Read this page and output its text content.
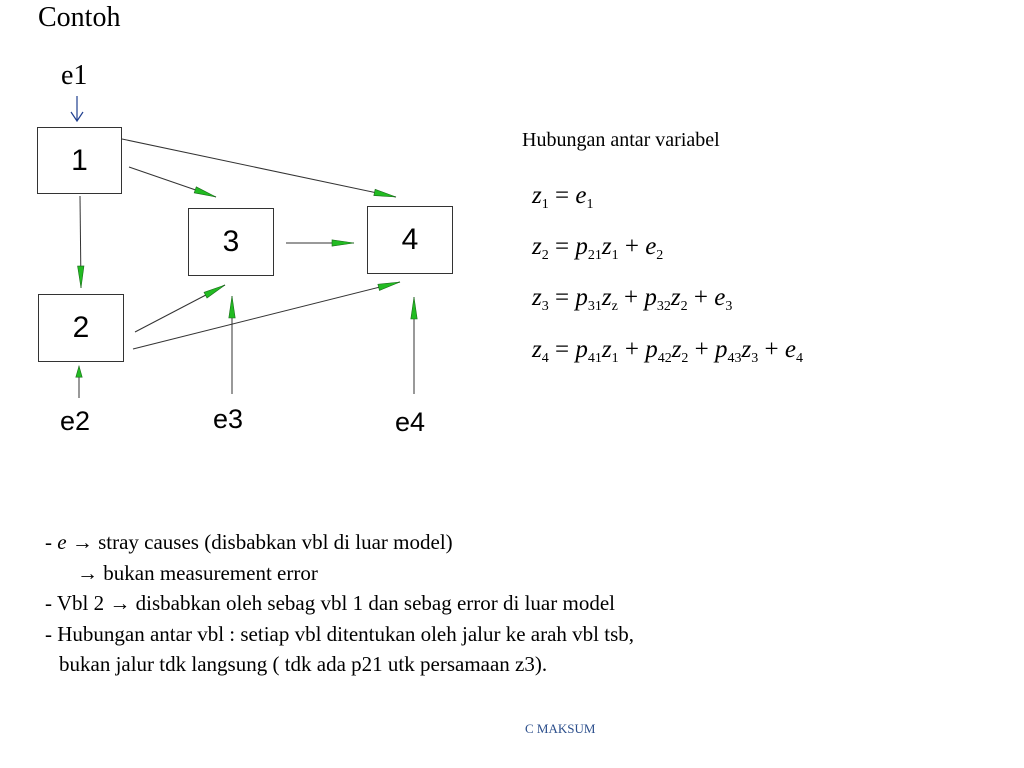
Contoh
e1
1
2
3	4
e2	e3	e4
Hubungan antar variabel
$z_1 = e_1$
$z_2 = p_{21}z_1 + e_2$
$z_3 = p_{31}z_z + p_{32}z_2 + e_3$
$z_4 = p_{41}z_1 + p_{42}z_2 + p_{43}z_3 + e_4$
- e → stray causes (disbabkan vbl di luar model)
→ bukan measurement error
- Vbl 2 → disbabkan oleh sebag vbl 1 dan sebag error di luar model
- Hubungan antar vbl : setiap vbl ditentukan oleh jalur ke arah vbl tsb,
bukan jalur tdk langsung ( tdk ada p21 utk persamaan z3).
C MAKSUM
